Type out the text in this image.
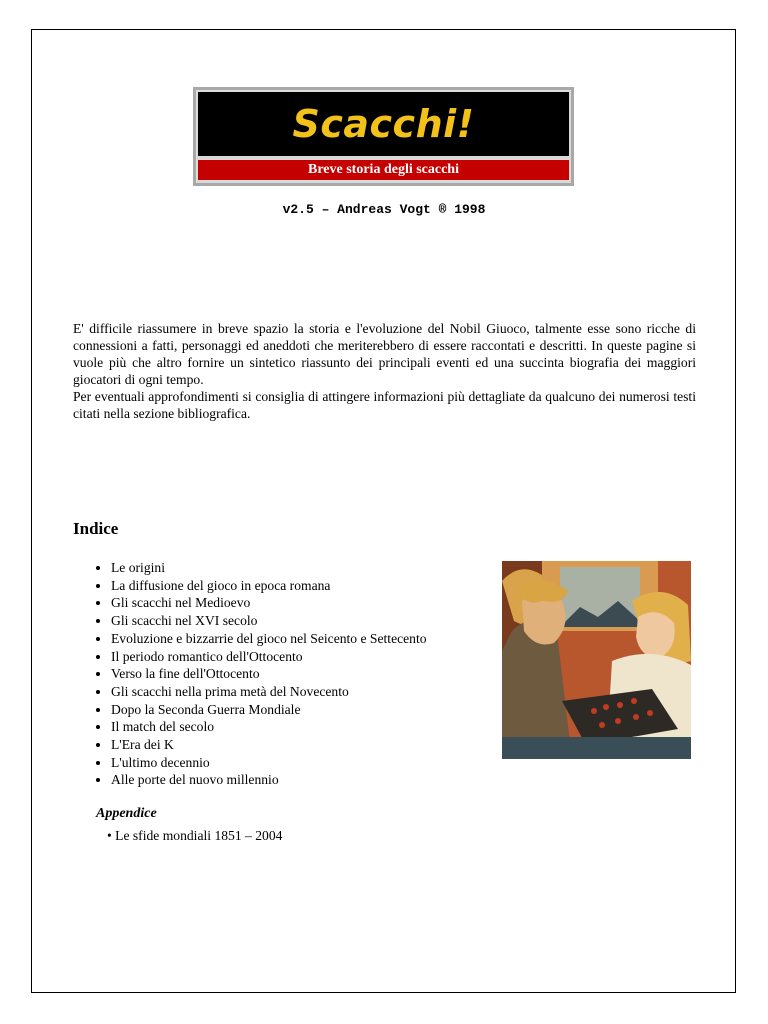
Scacchi!
Breve storia degli scacchi
v2.5 – Andreas Vogt ® 1998

E' difficile riassumere in breve spazio la storia e l'evoluzione del Nobil Giuoco, talmente esse sono ricche di connessioni a fatti, personaggi ed aneddoti che meriterebbero di essere raccontati e descritti. In queste pagine si vuole più che altro fornire un sintetico riassunto dei principali eventi ed una succinta biografia dei maggiori giocatori di ogni tempo.

Per eventuali approfondimenti si consiglia di attingere informazioni più dettagliate da qualcuno dei numerosi testi citati nella sezione bibliografica.

Indice
• Le origini
• La diffusione del gioco in epoca romana
• Gli scacchi nel Medioevo
• Gli scacchi nel XVI secolo
• Evoluzione e bizzarrie del gioco nel Seicento e Settecento
• Il periodo romantico dell'Ottocento
• Verso la fine dell'Ottocento
• Gli scacchi nella prima metà del Novecento
• Dopo la Seconda Guerra Mondiale
• Il match del secolo
• L'Era dei K
• L'ultimo decennio
• Alle porte del nuovo millennio
Appendice

• Le sfide mondiali 1851 – 2004
